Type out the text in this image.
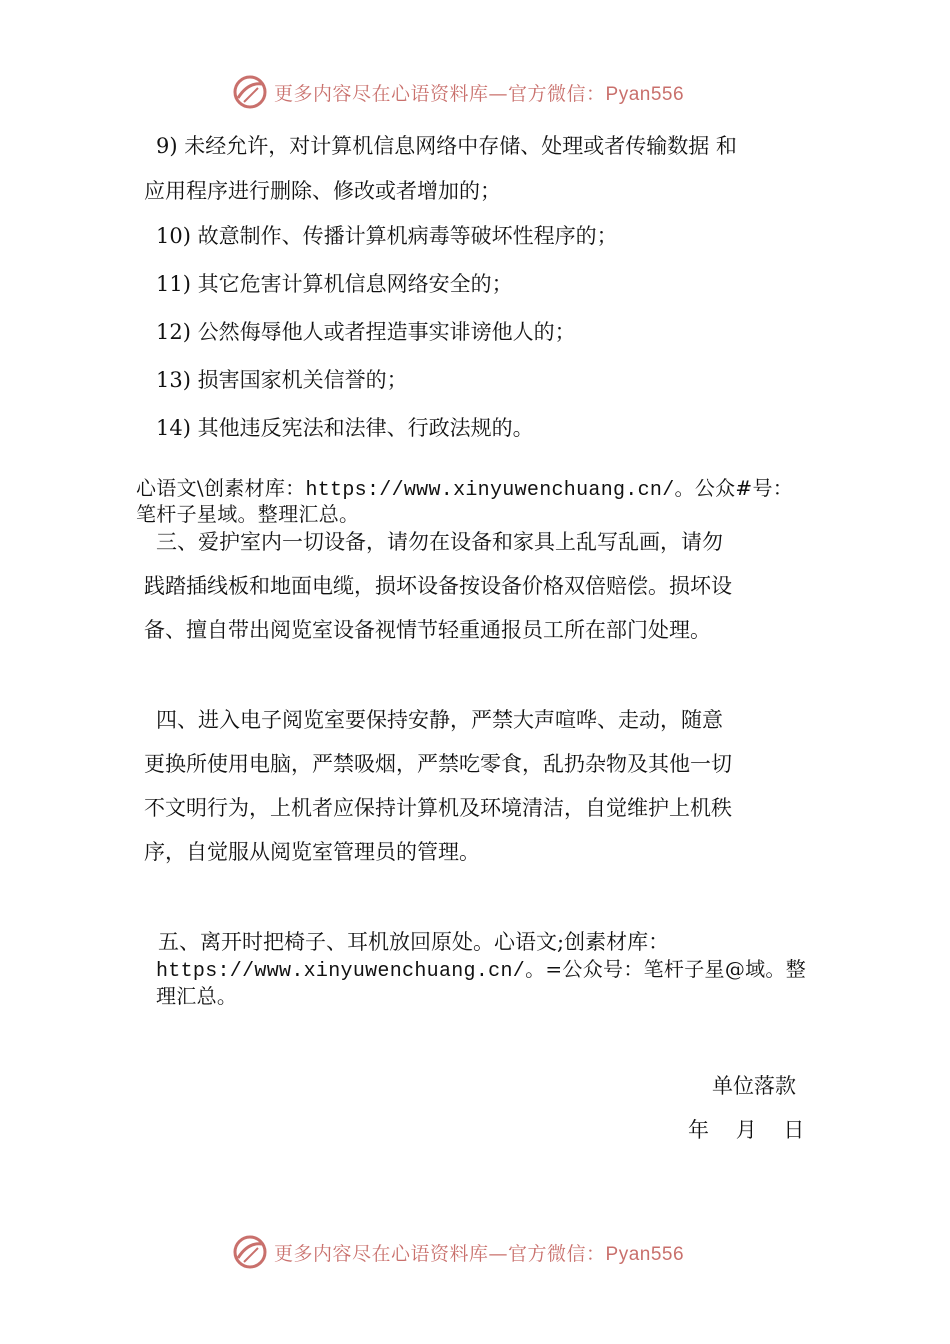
更多内容尽在心语资料库—官方微信：Pyan556
9) 未经允许，对计算机信息网络中存储、处理或者传输数据 和
应用程序进行删除、修改或者增加的；
10) 故意制作、传播计算机病毒等破坏性程序的；
11) 其它危害计算机信息网络安全的；
12) 公然侮辱他人或者捏造事实诽谤他人的；
13) 损害国家机关信誉的；
14) 其他违反宪法和法律、行政法规的。
心语文\创素材库：https://www.xinyuwenchuang.cn/。公众#号：
笔杆子星域。整理汇总。
三、爱护室内一切设备，请勿在设备和家具上乱写乱画，请勿
践踏插线板和地面电缆，损坏设备按设备价格双倍赔偿。损坏设
备、擅自带出阅览室设备视情节轻重通报员工所在部门处理。
四、进入电子阅览室要保持安静，严禁大声喧哗、走动，随意
更换所使用电脑，严禁吸烟，严禁吃零食，乱扔杂物及其他一切
不文明行为，上机者应保持计算机及环境清洁，自觉维护上机秩
序，自觉服从阅览室管理员的管理。
五、离开时把椅子、耳机放回原处。心语文;创素材库：
https://www.xinyuwenchuang.cn/。=公众号：笔杆子星@域。整
理汇总。
单位落款
年    月    日
更多内容尽在心语资料库—官方微信：Pyan556
